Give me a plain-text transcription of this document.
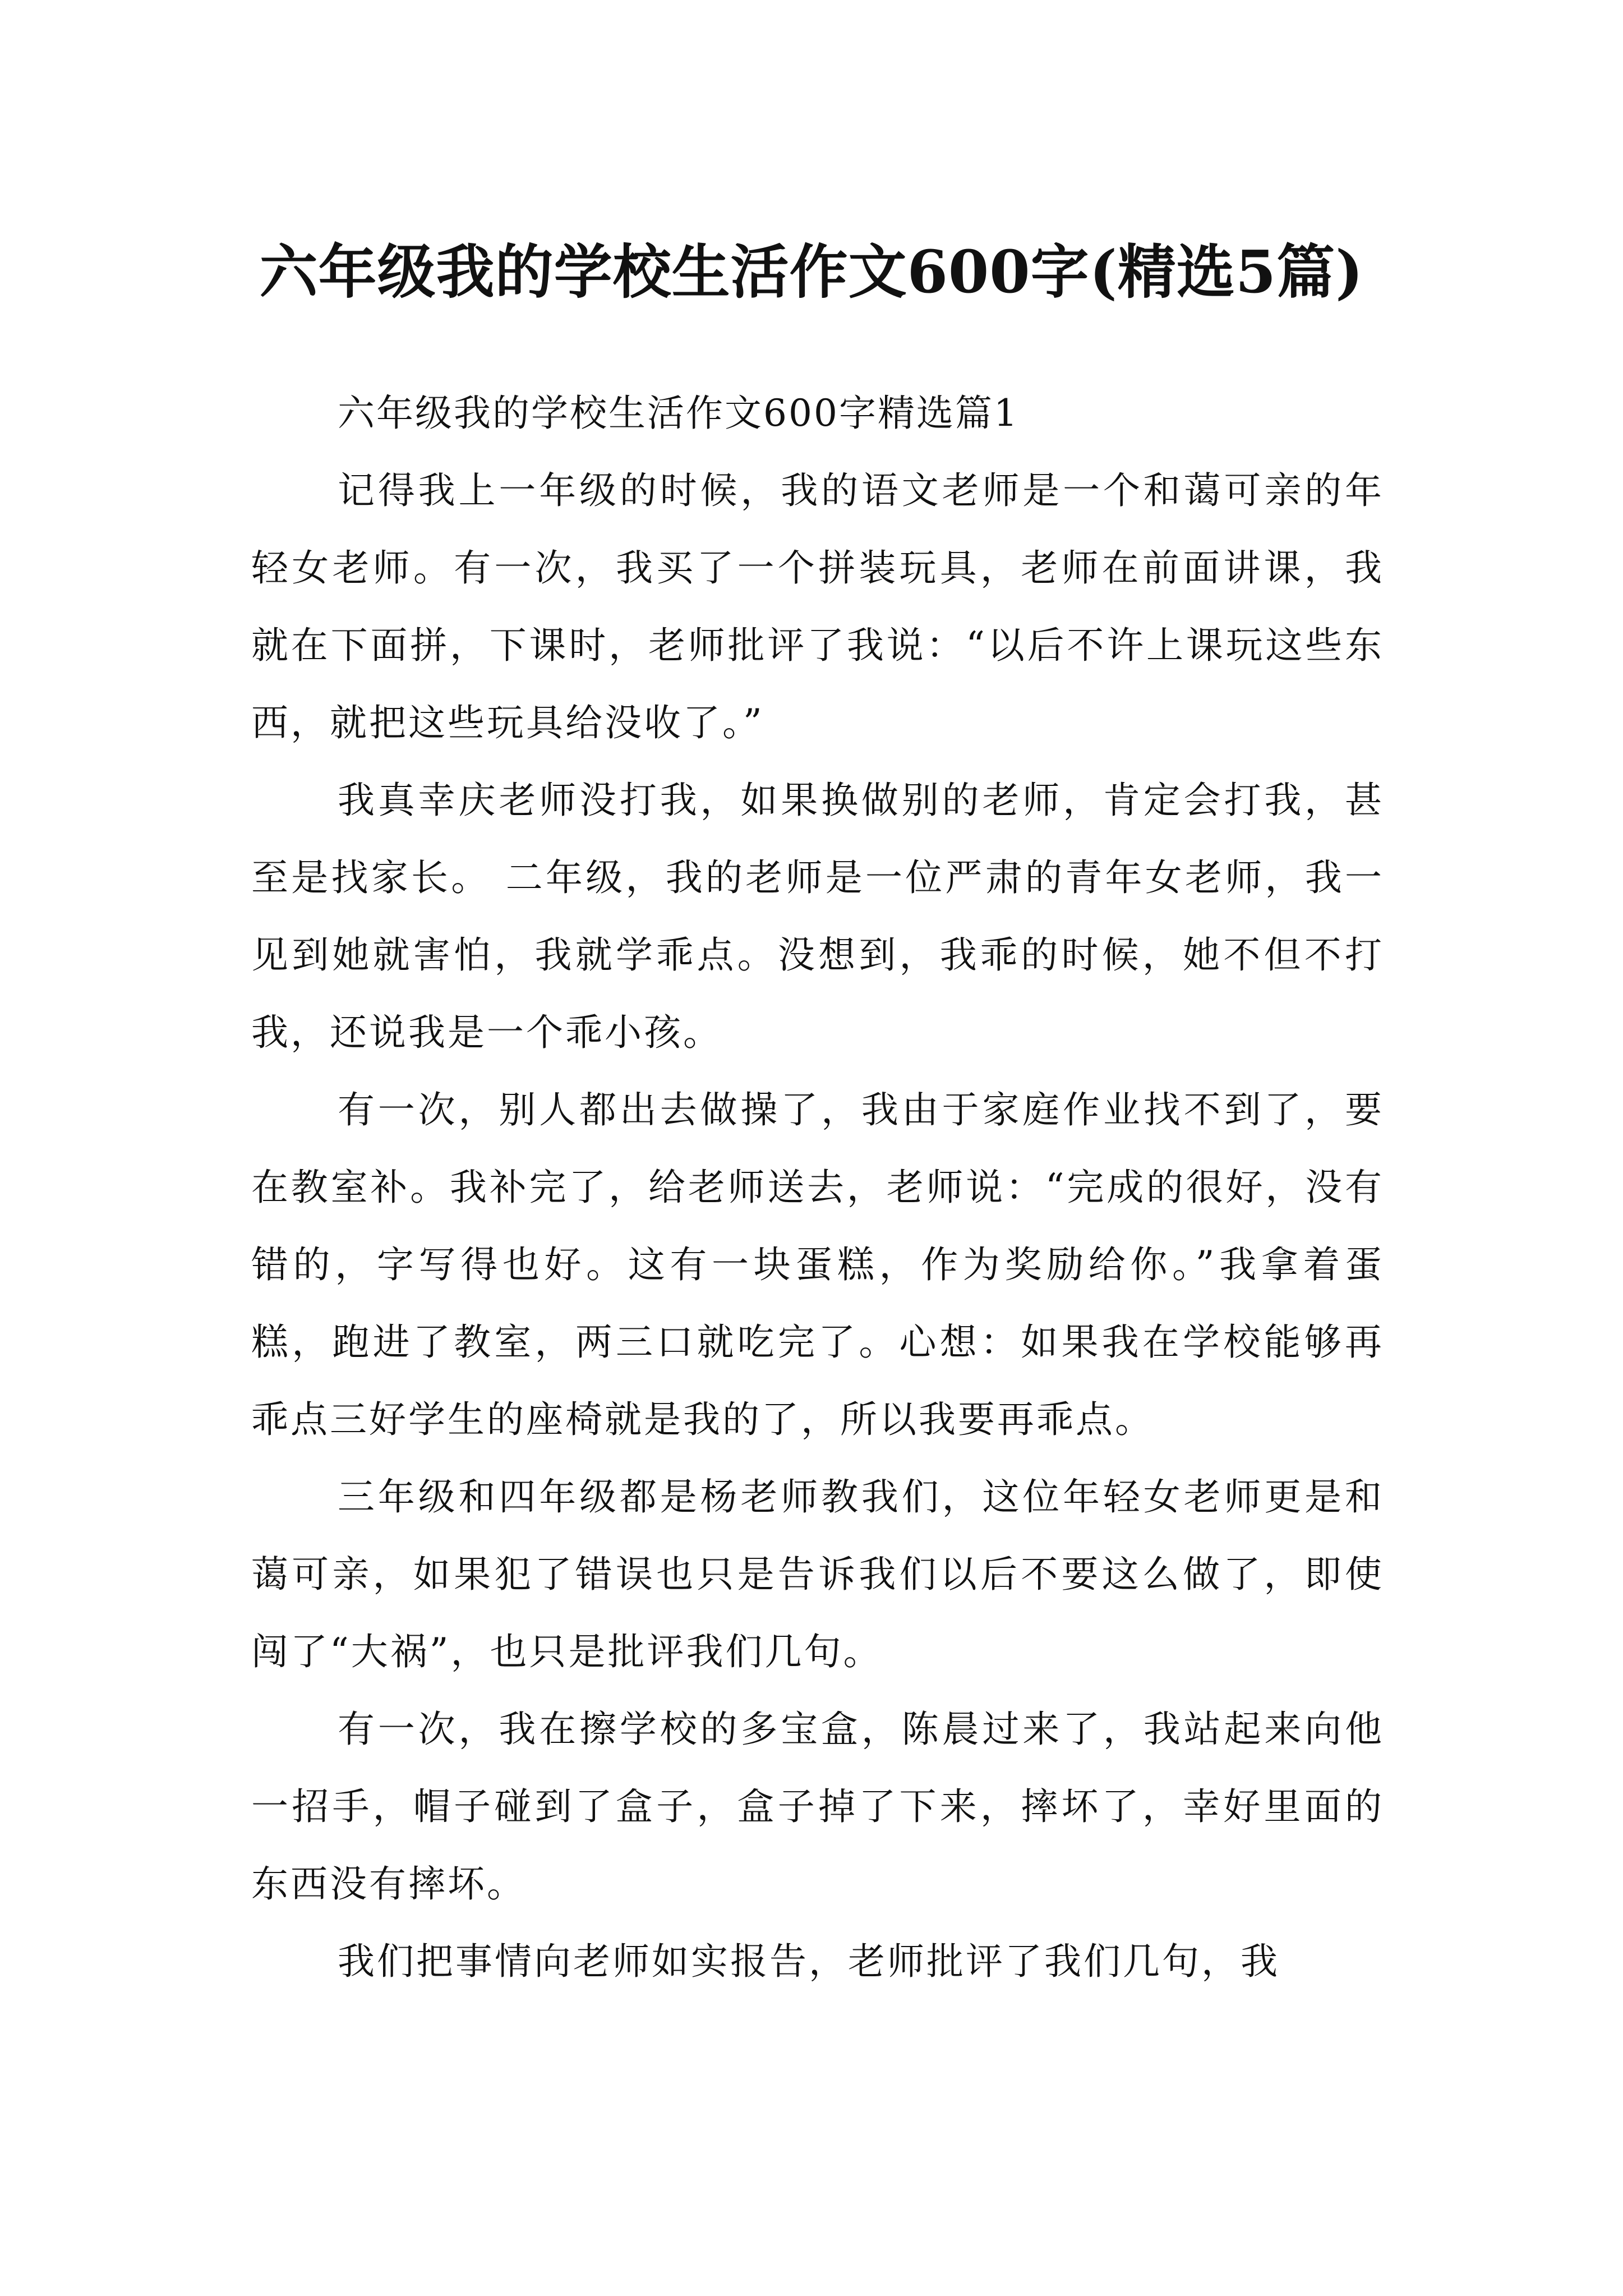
六年级我的学校生活作文600字(精选5篇)

六年级我的学校生活作文600字精选篇1

记得我上一年级的时候，我的语文老师是一个和蔼可亲的年轻女老师。有一次，我买了一个拼装玩具，老师在前面讲课，我就在下面拼，下课时，老师批评了我说：“以后不许上课玩这些东西，就把这些玩具给没收了。”

我真幸庆老师没打我，如果换做别的老师，肯定会打我，甚至是找家长。 二年级，我的老师是一位严肃的青年女老师，我一见到她就害怕，我就学乖点。没想到，我乖的时候，她不但不打我，还说我是一个乖小孩。

有一次，别人都出去做操了，我由于家庭作业找不到了，要在教室补。我补完了，给老师送去，老师说：“完成的很好，没有错的，字写得也好。这有一块蛋糕，作为奖励给你。”我拿着蛋糕，跑进了教室，两三口就吃完了。心想：如果我在学校能够再乖点三好学生的座椅就是我的了，所以我要再乖点。

三年级和四年级都是杨老师教我们，这位年轻女老师更是和蔼可亲，如果犯了错误也只是告诉我们以后不要这么做了，即使闯了“大祸”，也只是批评我们几句。

有一次，我在擦学校的多宝盒，陈晨过来了，我站起来向他一招手，帽子碰到了盒子，盒子掉了下来，摔坏了，幸好里面的东西没有摔坏。

我们把事情向老师如实报告，老师批评了我们几句，我
